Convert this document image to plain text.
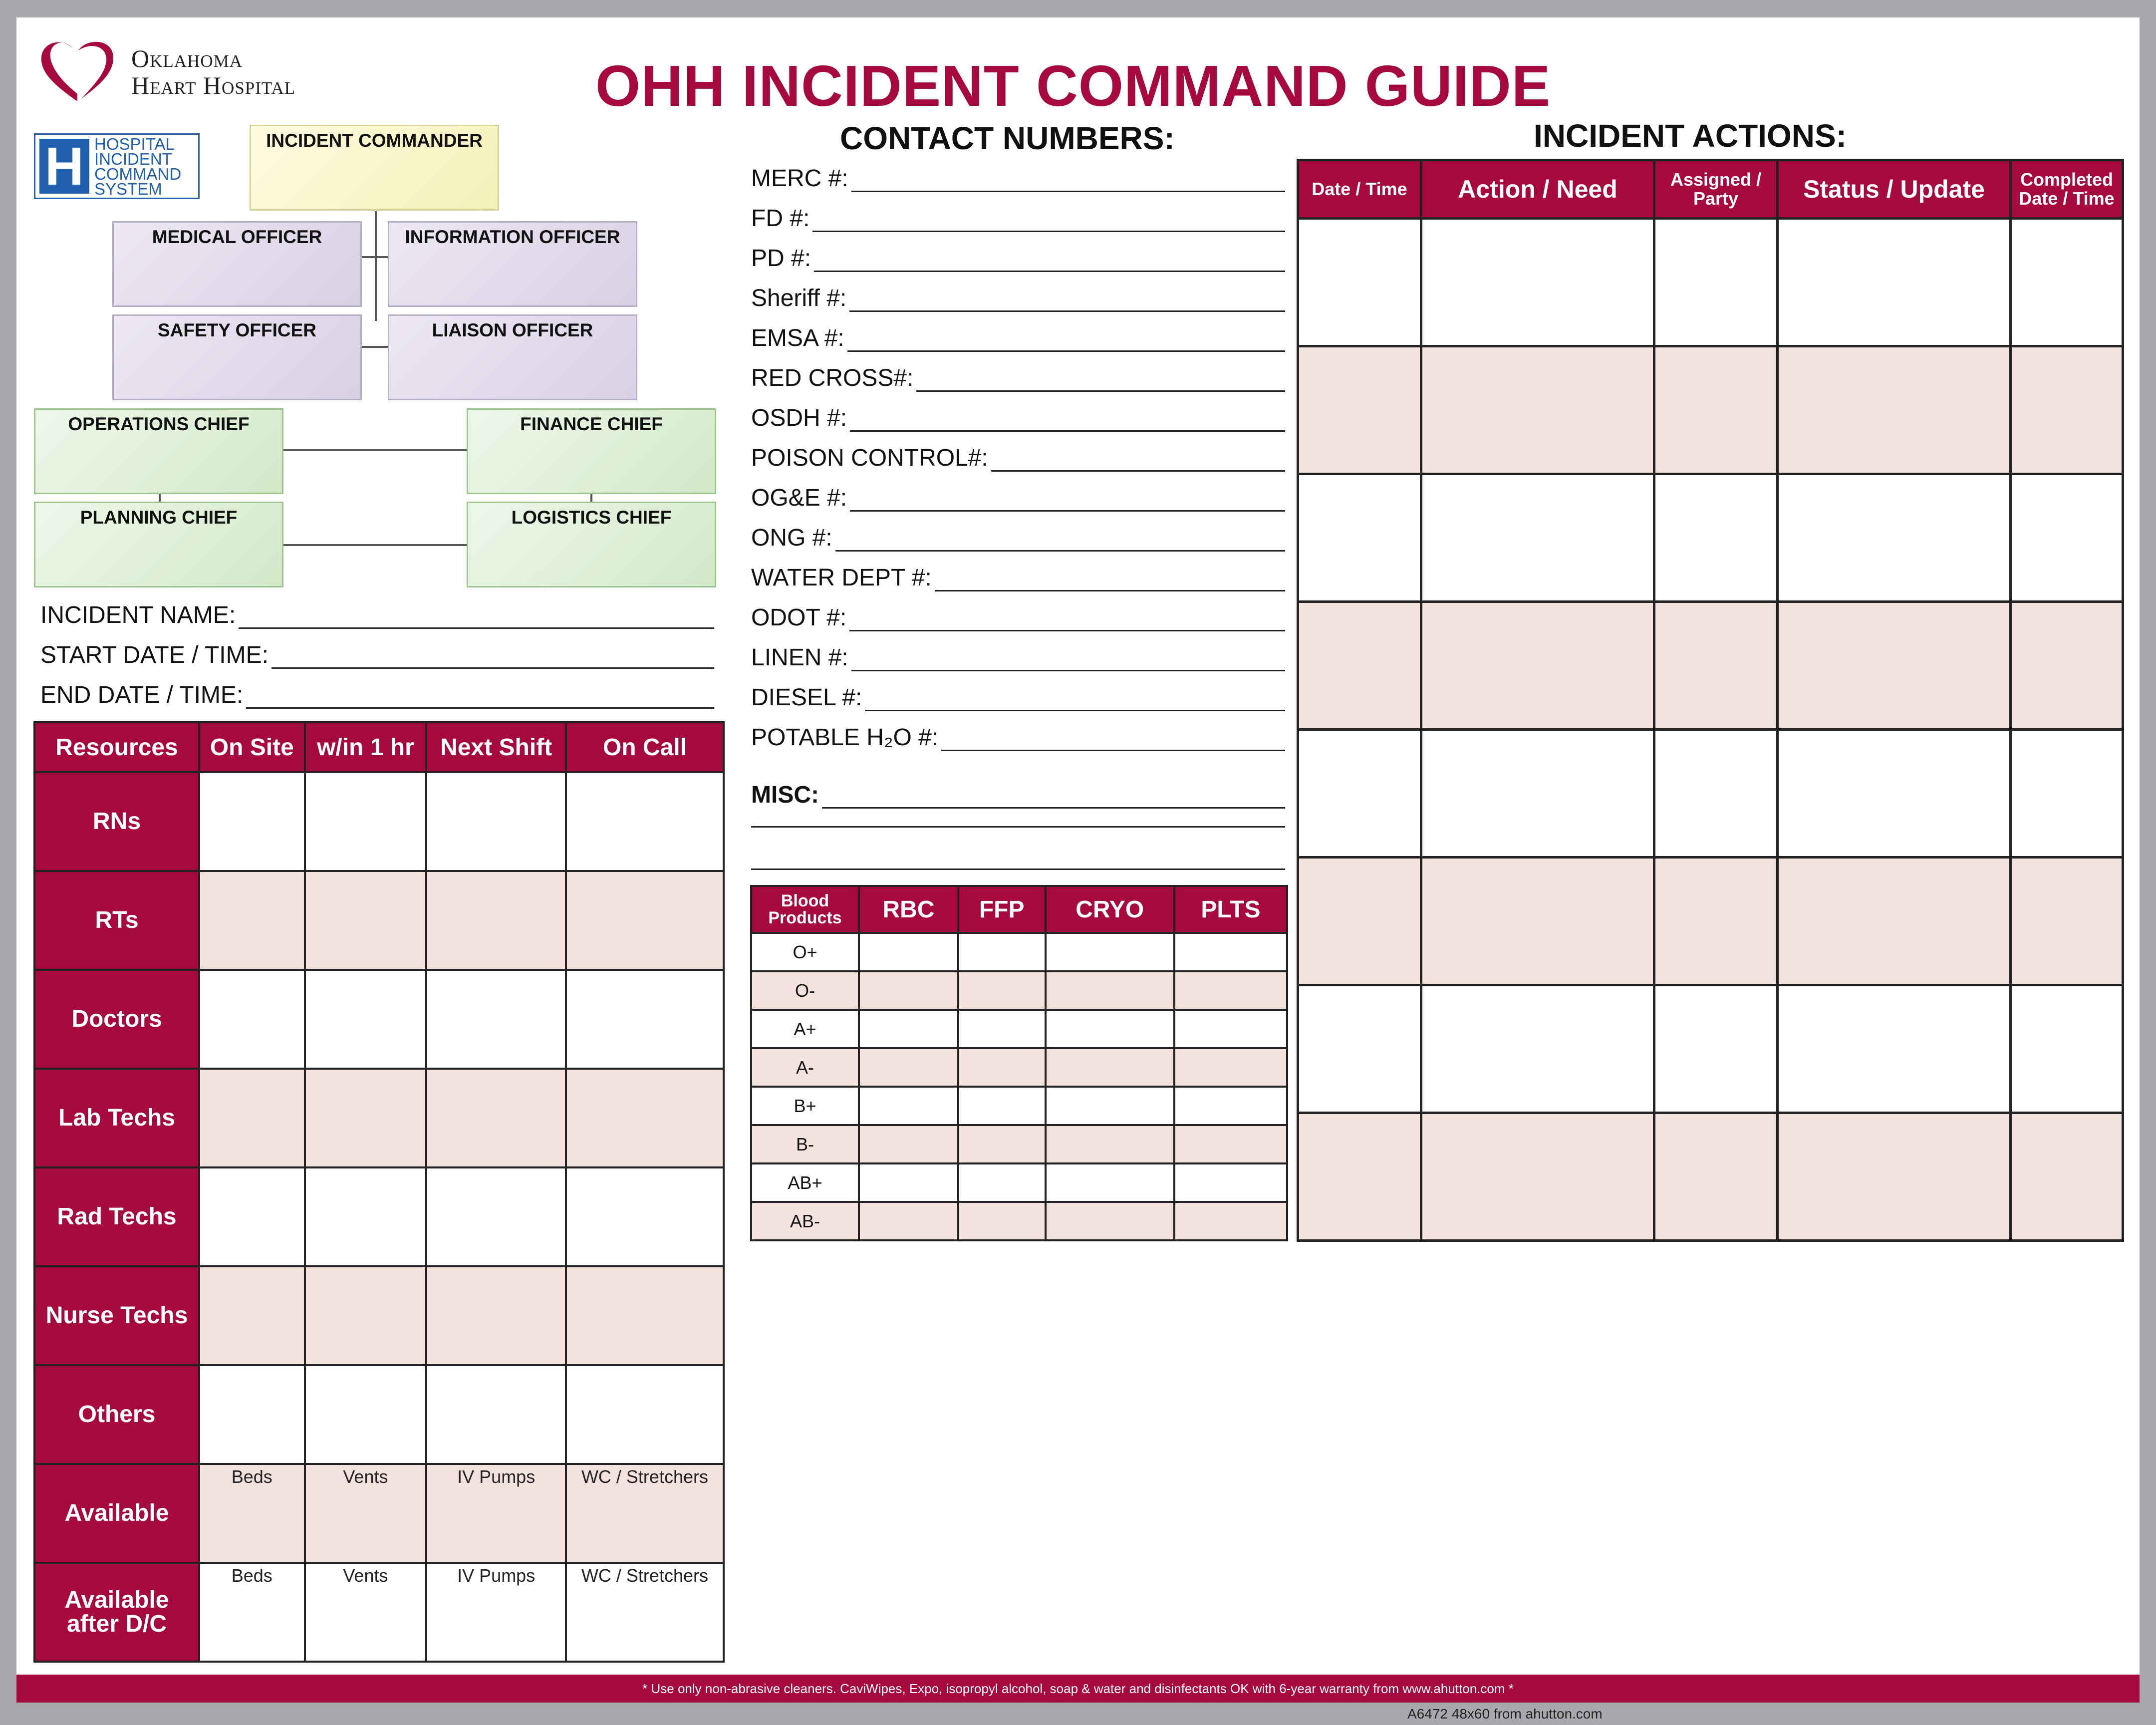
Oklahoma
Heart Hospital	OHH INCIDENT COMMAND GUIDE
H HOSPITAL
INCIDENT
COMMAND
SYSTEM
INCIDENT COMMANDER
MEDICAL OFFICER	INFORMATION OFFICER
SAFETY OFFICER	LIAISON OFFICER
OPERATIONS CHIEF	FINANCE CHIEF
PLANNING CHIEF	LOGISTICS CHIEF
INCIDENT NAME:
START DATE / TIME:
END DATE / TIME:
Resources	On Site	w/in 1 hr	Next Shift	On Call
RNs				
RTs				
Doctors				
Lab Techs				
Rad Techs				
Nurse Techs				
Others				
Available	Beds	Vents	IV Pumps	WC / Stretchers
Available after D/C	Beds	Vents	IV Pumps	WC / Stretchers
CONTACT NUMBERS:
MERC #:
FD #:
PD #:
Sheriff #:
EMSA #:
RED CROSS#:
OSDH #:
POISON CONTROL#:
OG&E #:
ONG #:
WATER DEPT #:
ODOT #:
LINEN #:
DIESEL #:
POTABLE H₂O #:
MISC:
Blood Products	RBC	FFP	CRYO	PLTS
O+				
O-				
A+				
A-				
B+				
B-				
AB+				
AB-				
INCIDENT ACTIONS:
Date / Time	Action / Need	Assigned / Party	Status / Update	Completed Date / Time

* Use only non-abrasive cleaners. CaviWipes, Expo, isopropyl alcohol, soap & water and disinfectants OK with 6-year warranty from www.ahutton.com *
A6472 48x60 from ahutton.com
